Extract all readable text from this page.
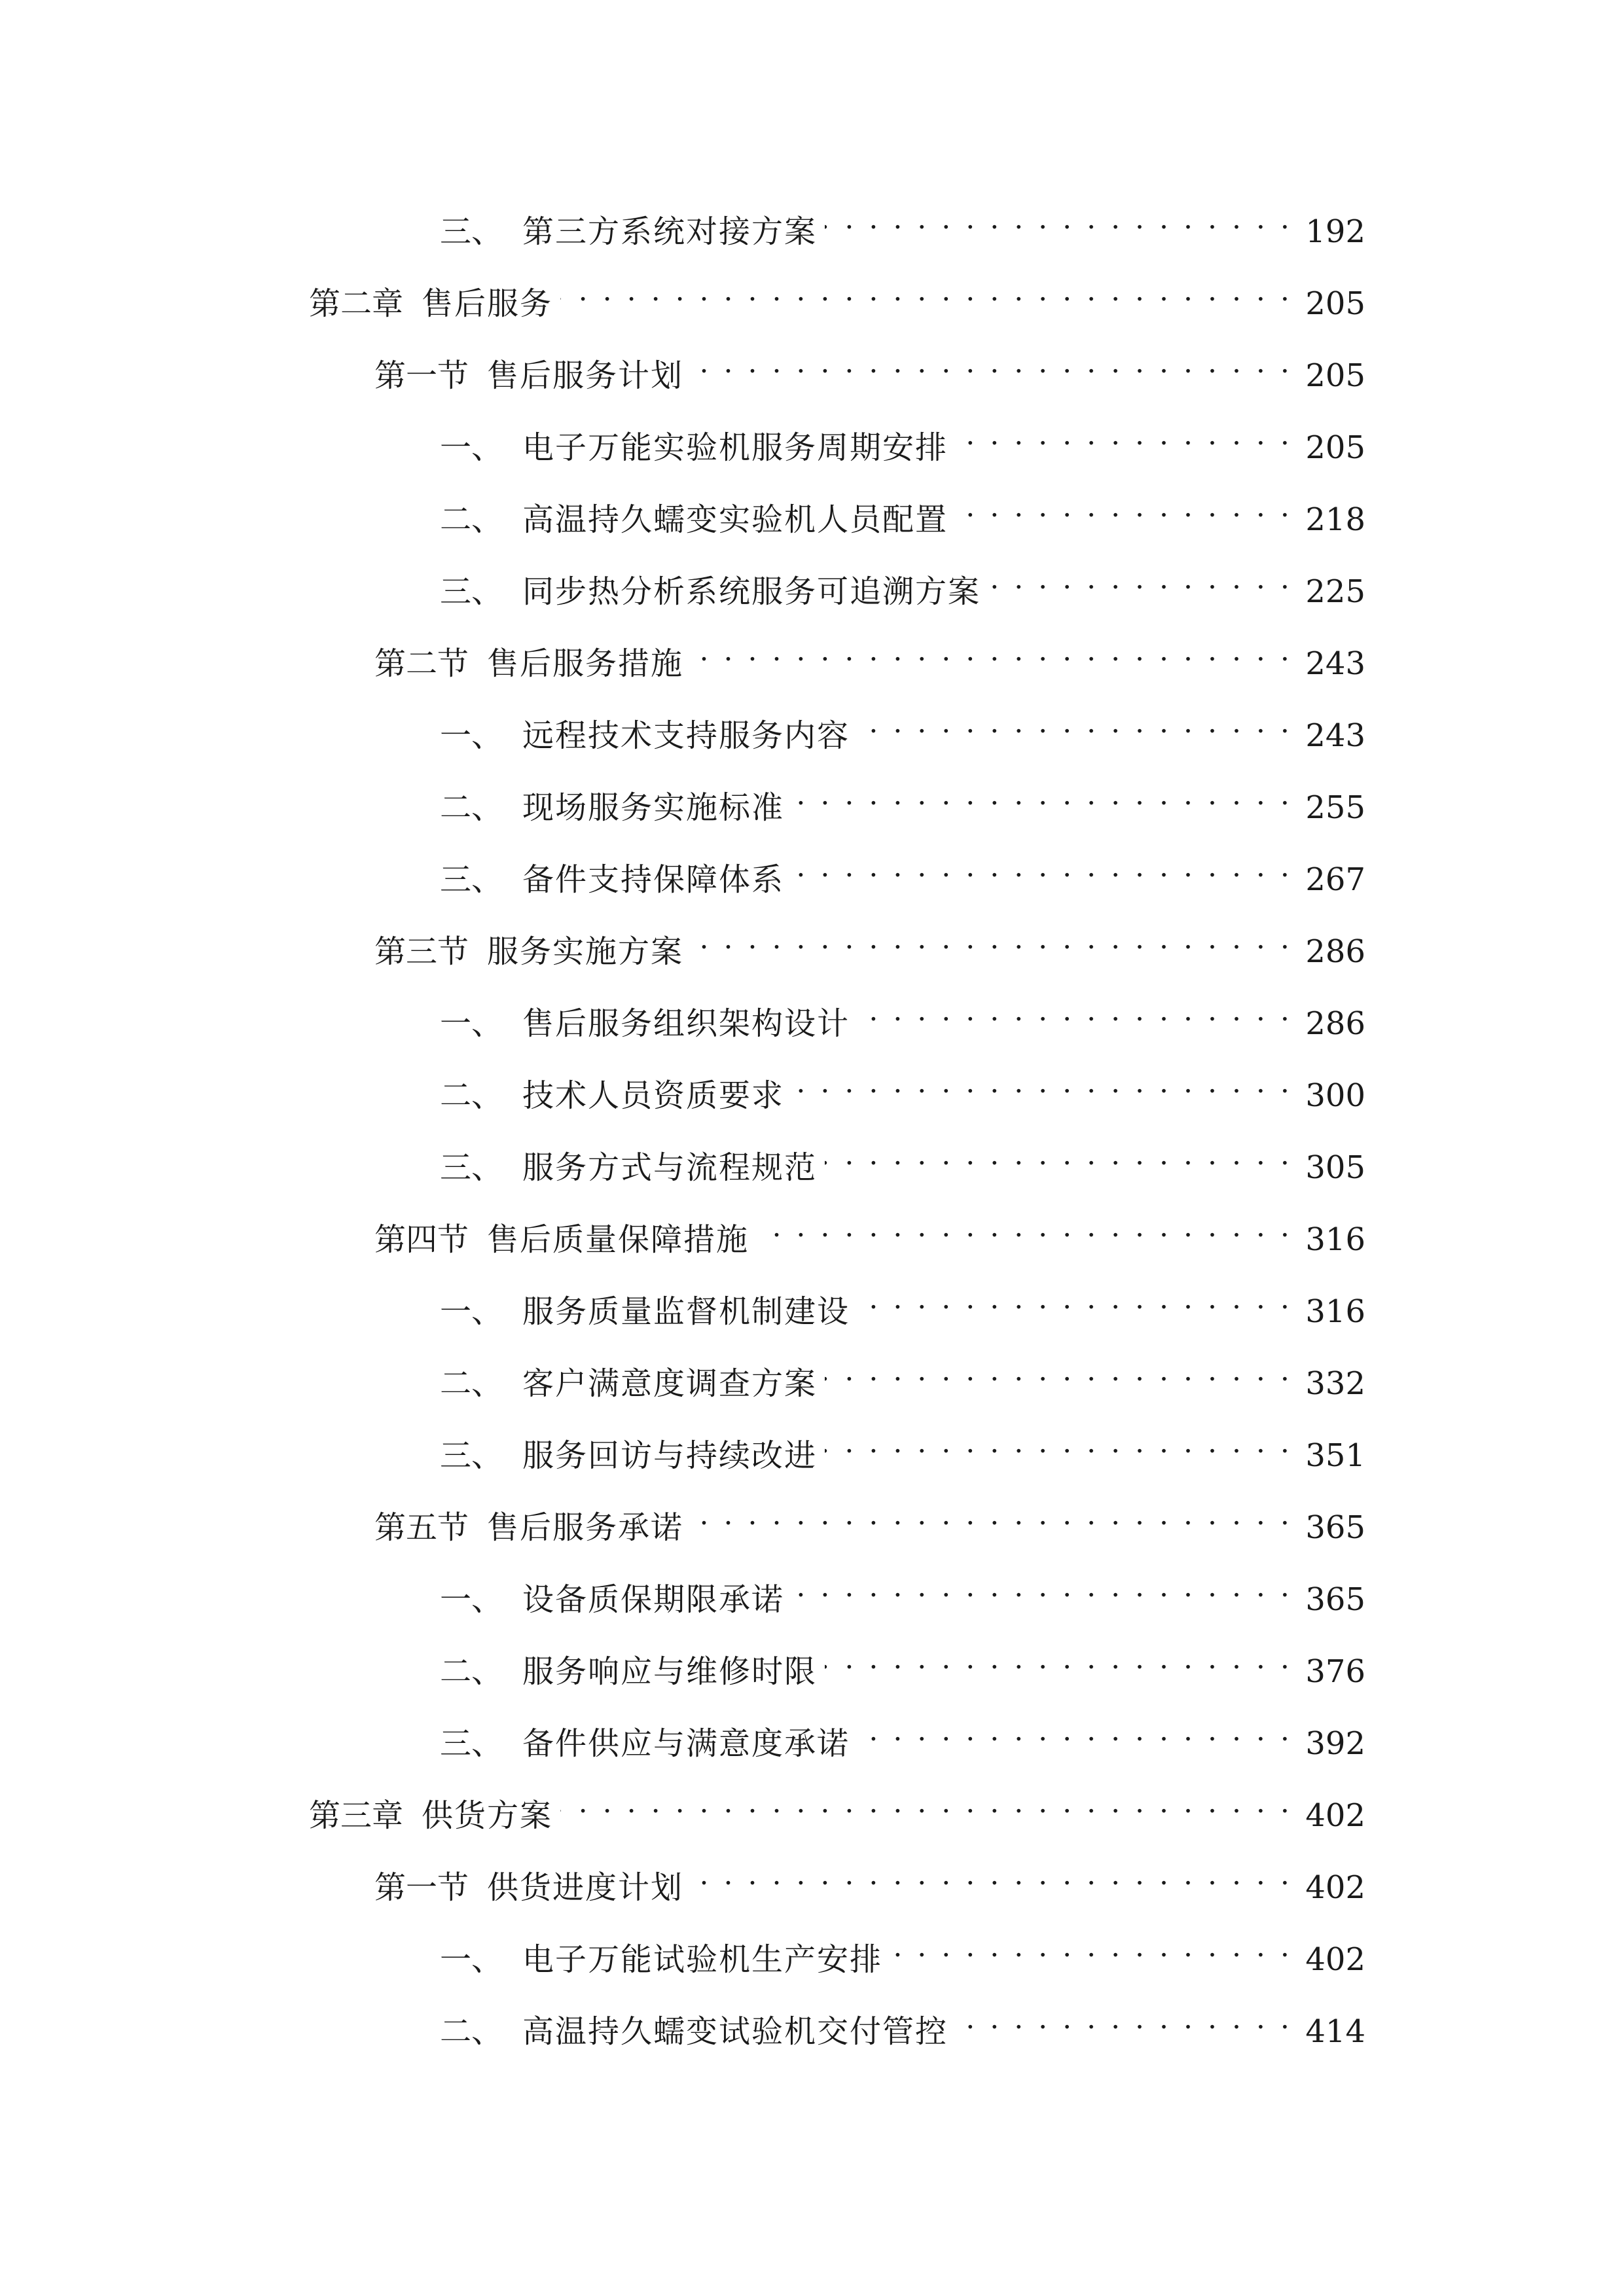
三、 第三方系统对接方案 . . .	192
第二章 售后服务 . . .	205
第一节 售后服务计划 . . .	205
一、 电子万能实验机服务周期安排 . . .	205
二、 高温持久蠕变实验机人员配置 . . .	218
三、 同步热分析系统服务可追溯方案 . . .	225
第二节 售后服务措施 . . .	243
一、 远程技术支持服务内容 . . .	243
二、 现场服务实施标准 . . .	255
三、 备件支持保障体系 . . .	267
第三节 服务实施方案 . . .	286
一、 售后服务组织架构设计 . . .	286
二、 技术人员资质要求 . . .	300
三、 服务方式与流程规范 . . .	305
第四节 售后质量保障措施 . . .	316
一、 服务质量监督机制建设 . . .	316
二、 客户满意度调查方案 . . .	332
三、 服务回访与持续改进 . . .	351
第五节 售后服务承诺 . . .	365
一、 设备质保期限承诺 . . .	365
二、 服务响应与维修时限 . . .	376
三、 备件供应与满意度承诺 . . .	392
第三章 供货方案 . . .	402
第一节 供货进度计划 . . .	402
一、 电子万能试验机生产安排 . . .	402
二、 高温持久蠕变试验机交付管控 . . .	414
